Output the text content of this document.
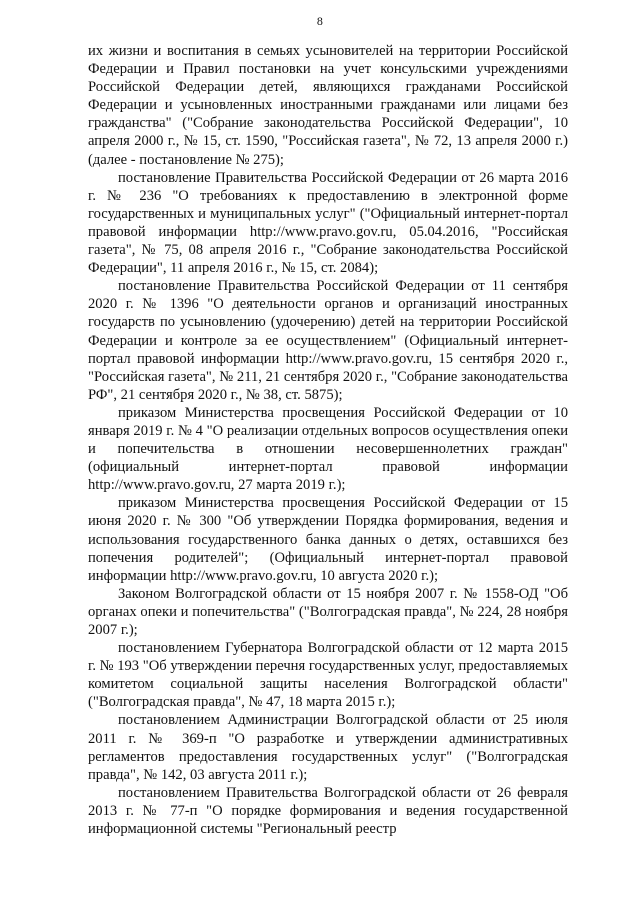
8

их жизни и воспитания в семьях усыновителей на территории Российской Федерации и Правил постановки на учет консульскими учреждениями Российской Федерации детей, являющихся гражданами Российской Федерации и усыновленных иностранными гражданами или лицами без гражданства" ("Собрание законодательства Российской Федерации", 10 апреля 2000 г., № 15, ст. 1590, "Российская газета", № 72, 13 апреля 2000 г.) (далее - постановление № 275);

постановление Правительства Российской Федерации от 26 марта 2016 г. № 236 "О требованиях к предоставлению в электронной форме государственных и муниципальных услуг" ("Официальный интернет-портал правовой информации http://www.pravo.gov.ru, 05.04.2016, "Российская газета", № 75, 08 апреля 2016 г., "Собрание законодательства Российской Федерации", 11 апреля 2016 г., № 15, ст. 2084);

постановление Правительства Российской Федерации от 11 сентября 2020 г. № 1396 "О деятельности органов и организаций иностранных государств по усыновлению (удочерению) детей на территории Российской Федерации и контроле за ее осуществлением" (Официальный интернет-портал правовой информации http://www.pravo.gov.ru, 15 сентября 2020 г., "Российская газета", № 211, 21 сентября 2020 г., "Собрание законодательства РФ", 21 сентября 2020 г., № 38, ст. 5875);

приказом Министерства просвещения Российской Федерации от 10 января 2019 г. № 4 "О реализации отдельных вопросов осуществления опеки и попечительства в отношении несовершеннолетних граждан" (официальный интернет-портал правовой информации http://www.pravo.gov.ru, 27 марта 2019 г.);

приказом Министерства просвещения Российской Федерации от 15 июня 2020 г. № 300 "Об утверждении Порядка формирования, ведения и использования государственного банка данных о детях, оставшихся без попечения родителей"; (Официальный интернет-портал правовой информации http://www.pravo.gov.ru, 10 августа 2020 г.);

Законом Волгоградской области от 15 ноября 2007 г. № 1558-ОД "Об органах опеки и попечительства" ("Волгоградская правда", № 224, 28 ноября 2007 г.);

постановлением Губернатора Волгоградской области от 12 марта 2015 г. № 193 "Об утверждении перечня государственных услуг, предоставляемых комитетом социальной защиты населения Волгоградской области" ("Волгоградская правда", № 47, 18 марта 2015 г.);

постановлением Администрации Волгоградской области от 25 июля 2011 г. № 369-п "О разработке и утверждении административных регламентов предоставления государственных услуг" ("Волгоградская правда", № 142, 03 августа 2011 г.);

постановлением Правительства Волгоградской области от 26 февраля 2013 г. № 77-п "О порядке формирования и ведения государственной информационной системы "Региональный реестр
